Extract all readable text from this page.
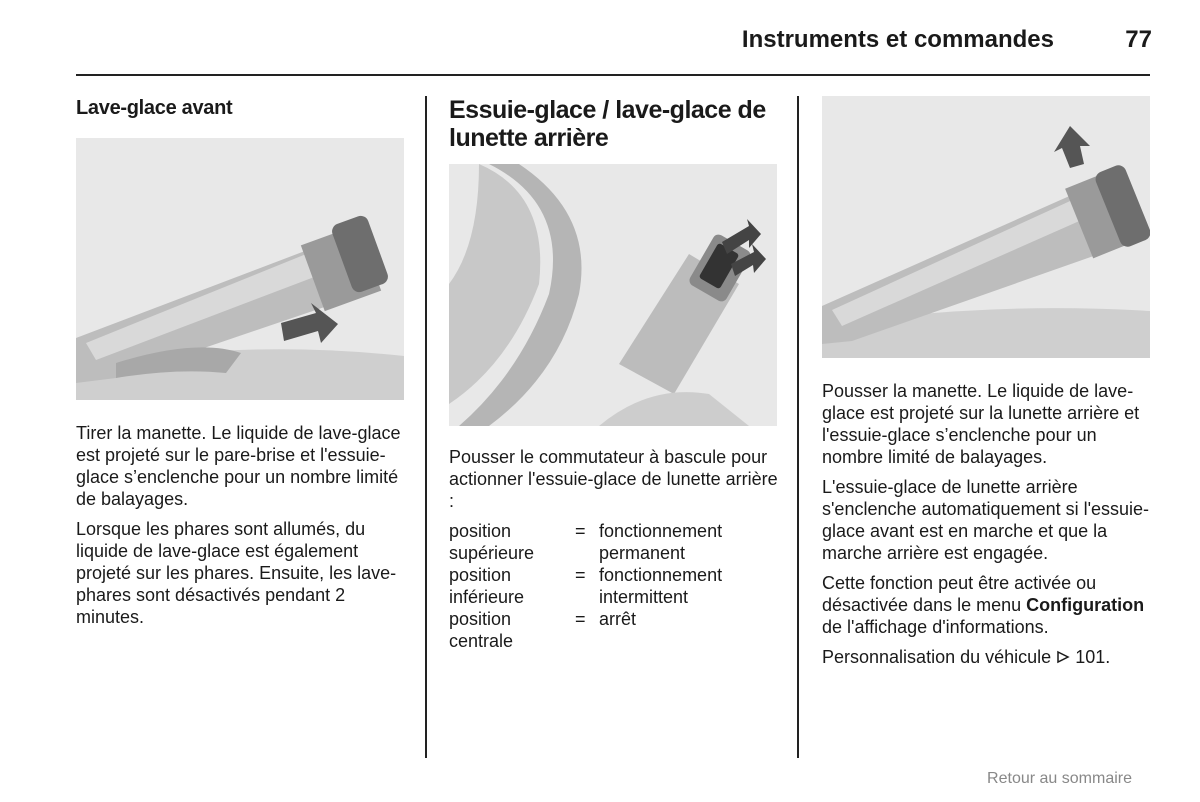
Instruments et commandes	77
Lave-glace avant

Tirer la manette. Le liquide de lave-glace est projeté sur le pare-brise et l'essuie-glace s’enclenche pour un nombre limité de balayages.

Lorsque les phares sont allumés, du liquide de lave-glace est également projeté sur les phares. Ensuite, les lave-phares sont désactivés pendant 2 minutes.

Essuie-glace / lave-glace de lunette arrière

Pousser le commutateur à bascule pour actionner l'essuie-glace de lunette arrière :

position supérieure
= fonctionnement permanent
position inférieure
= fonctionnement intermittent
position centrale
= arrêt

Pousser la manette. Le liquide de lave-glace est projeté sur la lunette arrière et l'essuie-glace s’enclenche pour un nombre limité de balayages.

L'essuie-glace de lunette arrière s'enclenche automatiquement si l'essuie-glace avant est en marche et que la marche arrière est engagée.

Cette fonction peut être activée ou désactivée dans le menu Configuration de l'affichage d'informations.

Personnalisation du véhicule 101.

Retour au sommaire
